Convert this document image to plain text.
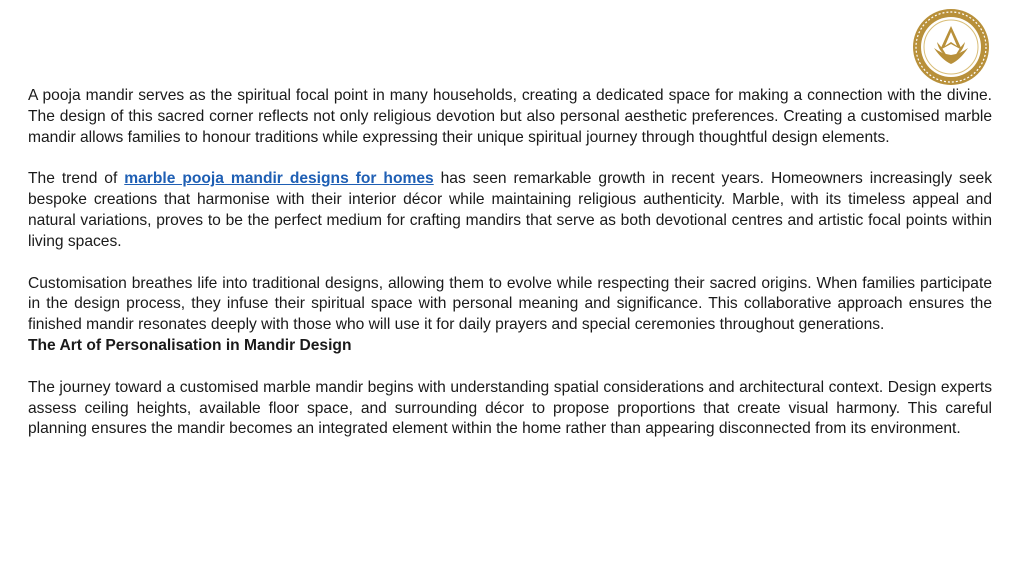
A pooja mandir serves as the spiritual focal point in many households, creating a dedicated space for making a connection with the divine. The design of this sacred corner reflects not only religious devotion but also personal aesthetic preferences. Creating a customised marble mandir allows families to honour traditions while expressing their unique spiritual journey through thoughtful design elements.

The trend of marble pooja mandir designs for homes has seen remarkable growth in recent years. Homeowners increasingly seek bespoke creations that harmonise with their interior décor while maintaining religious authenticity. Marble, with its timeless appeal and natural variations, proves to be the perfect medium for crafting mandirs that serve as both devotional centres and artistic focal points within living spaces.

Customisation breathes life into traditional designs, allowing them to evolve while respecting their sacred origins. When families participate in the design process, they infuse their spiritual space with personal meaning and significance. This collaborative approach ensures the finished mandir resonates deeply with those who will use it for daily prayers and special ceremonies throughout generations.

The Art of Personalisation in Mandir Design

The journey toward a customised marble mandir begins with understanding spatial considerations and architectural context. Design experts assess ceiling heights, available floor space, and surrounding décor to propose proportions that create visual harmony. This careful planning ensures the mandir becomes an integrated element within the home rather than appearing disconnected from its environment.
